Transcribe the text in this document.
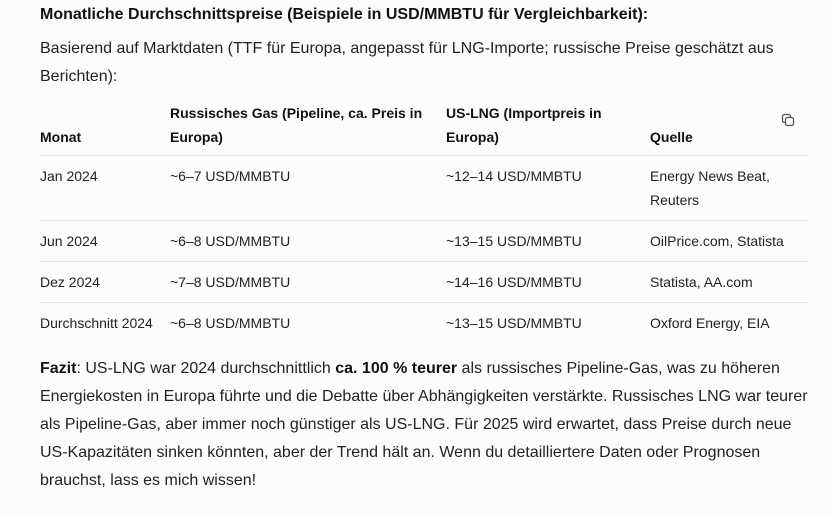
Monatliche Durchschnittspreise (Beispiele in USD/MMBTU für Vergleichbarkeit):

Basierend auf Marktdaten (TTF für Europa, angepasst für LNG-Importe; russische Preise geschätzt aus Berichten):

Monat	Russisches Gas (Pipeline, ca. Preis in Europa)	US-LNG (Importpreis in Europa)	Quelle
Jan 2024	~6–7 USD/MMBTU	~12–14 USD/MMBTU	Energy News Beat, Reuters
Jun 2024	~6–8 USD/MMBTU	~13–15 USD/MMBTU	OilPrice.com, Statista
Dez 2024	~7–8 USD/MMBTU	~14–16 USD/MMBTU	Statista, AA.com
Durchschnitt 2024	~6–8 USD/MMBTU	~13–15 USD/MMBTU	Oxford Energy, EIA

Fazit: US-LNG war 2024 durchschnittlich ca. 100 % teurer als russisches Pipeline-Gas, was zu höheren Energiekosten in Europa führte und die Debatte über Abhängigkeiten verstärkte. Russisches LNG war teurer als Pipeline-Gas, aber immer noch günstiger als US-LNG. Für 2025 wird erwartet, dass Preise durch neue US-Kapazitäten sinken könnten, aber der Trend hält an. Wenn du detailliertere Daten oder Prognosen brauchst, lass es mich wissen!
